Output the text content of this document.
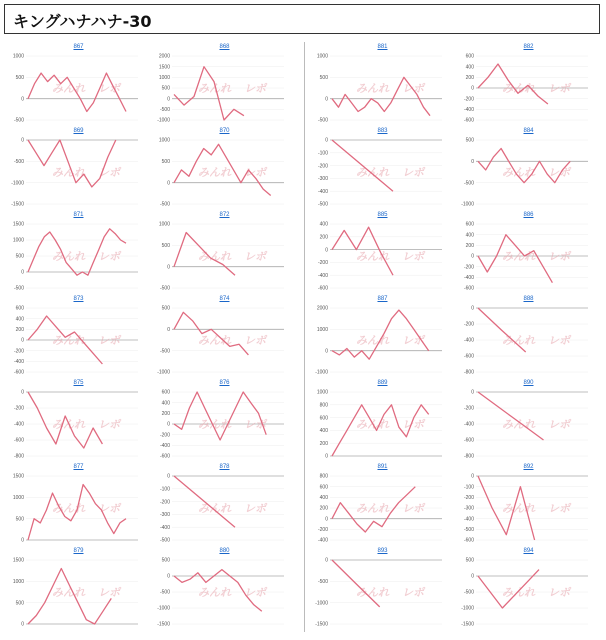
キングハナハナ-30
867
1000
500
0
-500
みんれ レポ
868
2000
1500
1000
500
0
-500
-1000
みんれ レポ
869
0
-500
-1000
-1500
みんれ レポ
870
1000
500
0
-500
みんれ レポ
871
1500
1000
500
0
-500
みんれ レポ
872
1000
500
0
-500
みんれ レポ
873
600
400
200
0
-200
-400
-600
みんれ レポ
874
500
0
-500
-1000
みんれ レポ
875
0
-200
-400
-600
-800
みんれ レポ
876
600
400
200
0
-200
-400
-600
みんれ レポ
877
1500
1000
500
0
みんれ レポ
878
0
-100
-200
-300
-400
-500
みんれ レポ
879
1500
1000
500
0
みんれ レポ
880
500
0
-500
-1000
-1500
みんれ レポ
881
1000
500
0
-500
みんれ レポ
882
600
400
200
0
-200
-400
-600
みんれ レポ
883
0
-100
-200
-300
-400
-500
みんれ レポ
884
500
0
-500
-1000
みんれ レポ
885
400
200
0
-200
-400
-600
みんれ レポ
886
600
400
200
0
-200
-400
-600
みんれ レポ
887
2000
1000
0
-1000
みんれ レポ
888
0
-200
-400
-600
-800
みんれ レポ
889
1000
800
600
400
200
0
みんれ レポ
890
0
-200
-400
-600
-800
みんれ レポ
891
800
600
400
200
0
-200
-400
みんれ レポ
892
0
-100
-200
-300
-400
-500
-600
みんれ レポ
893
0
-500
-1000
-1500
みんれ レポ
894
500
0
-500
-1000
-1500
みんれ レポ
